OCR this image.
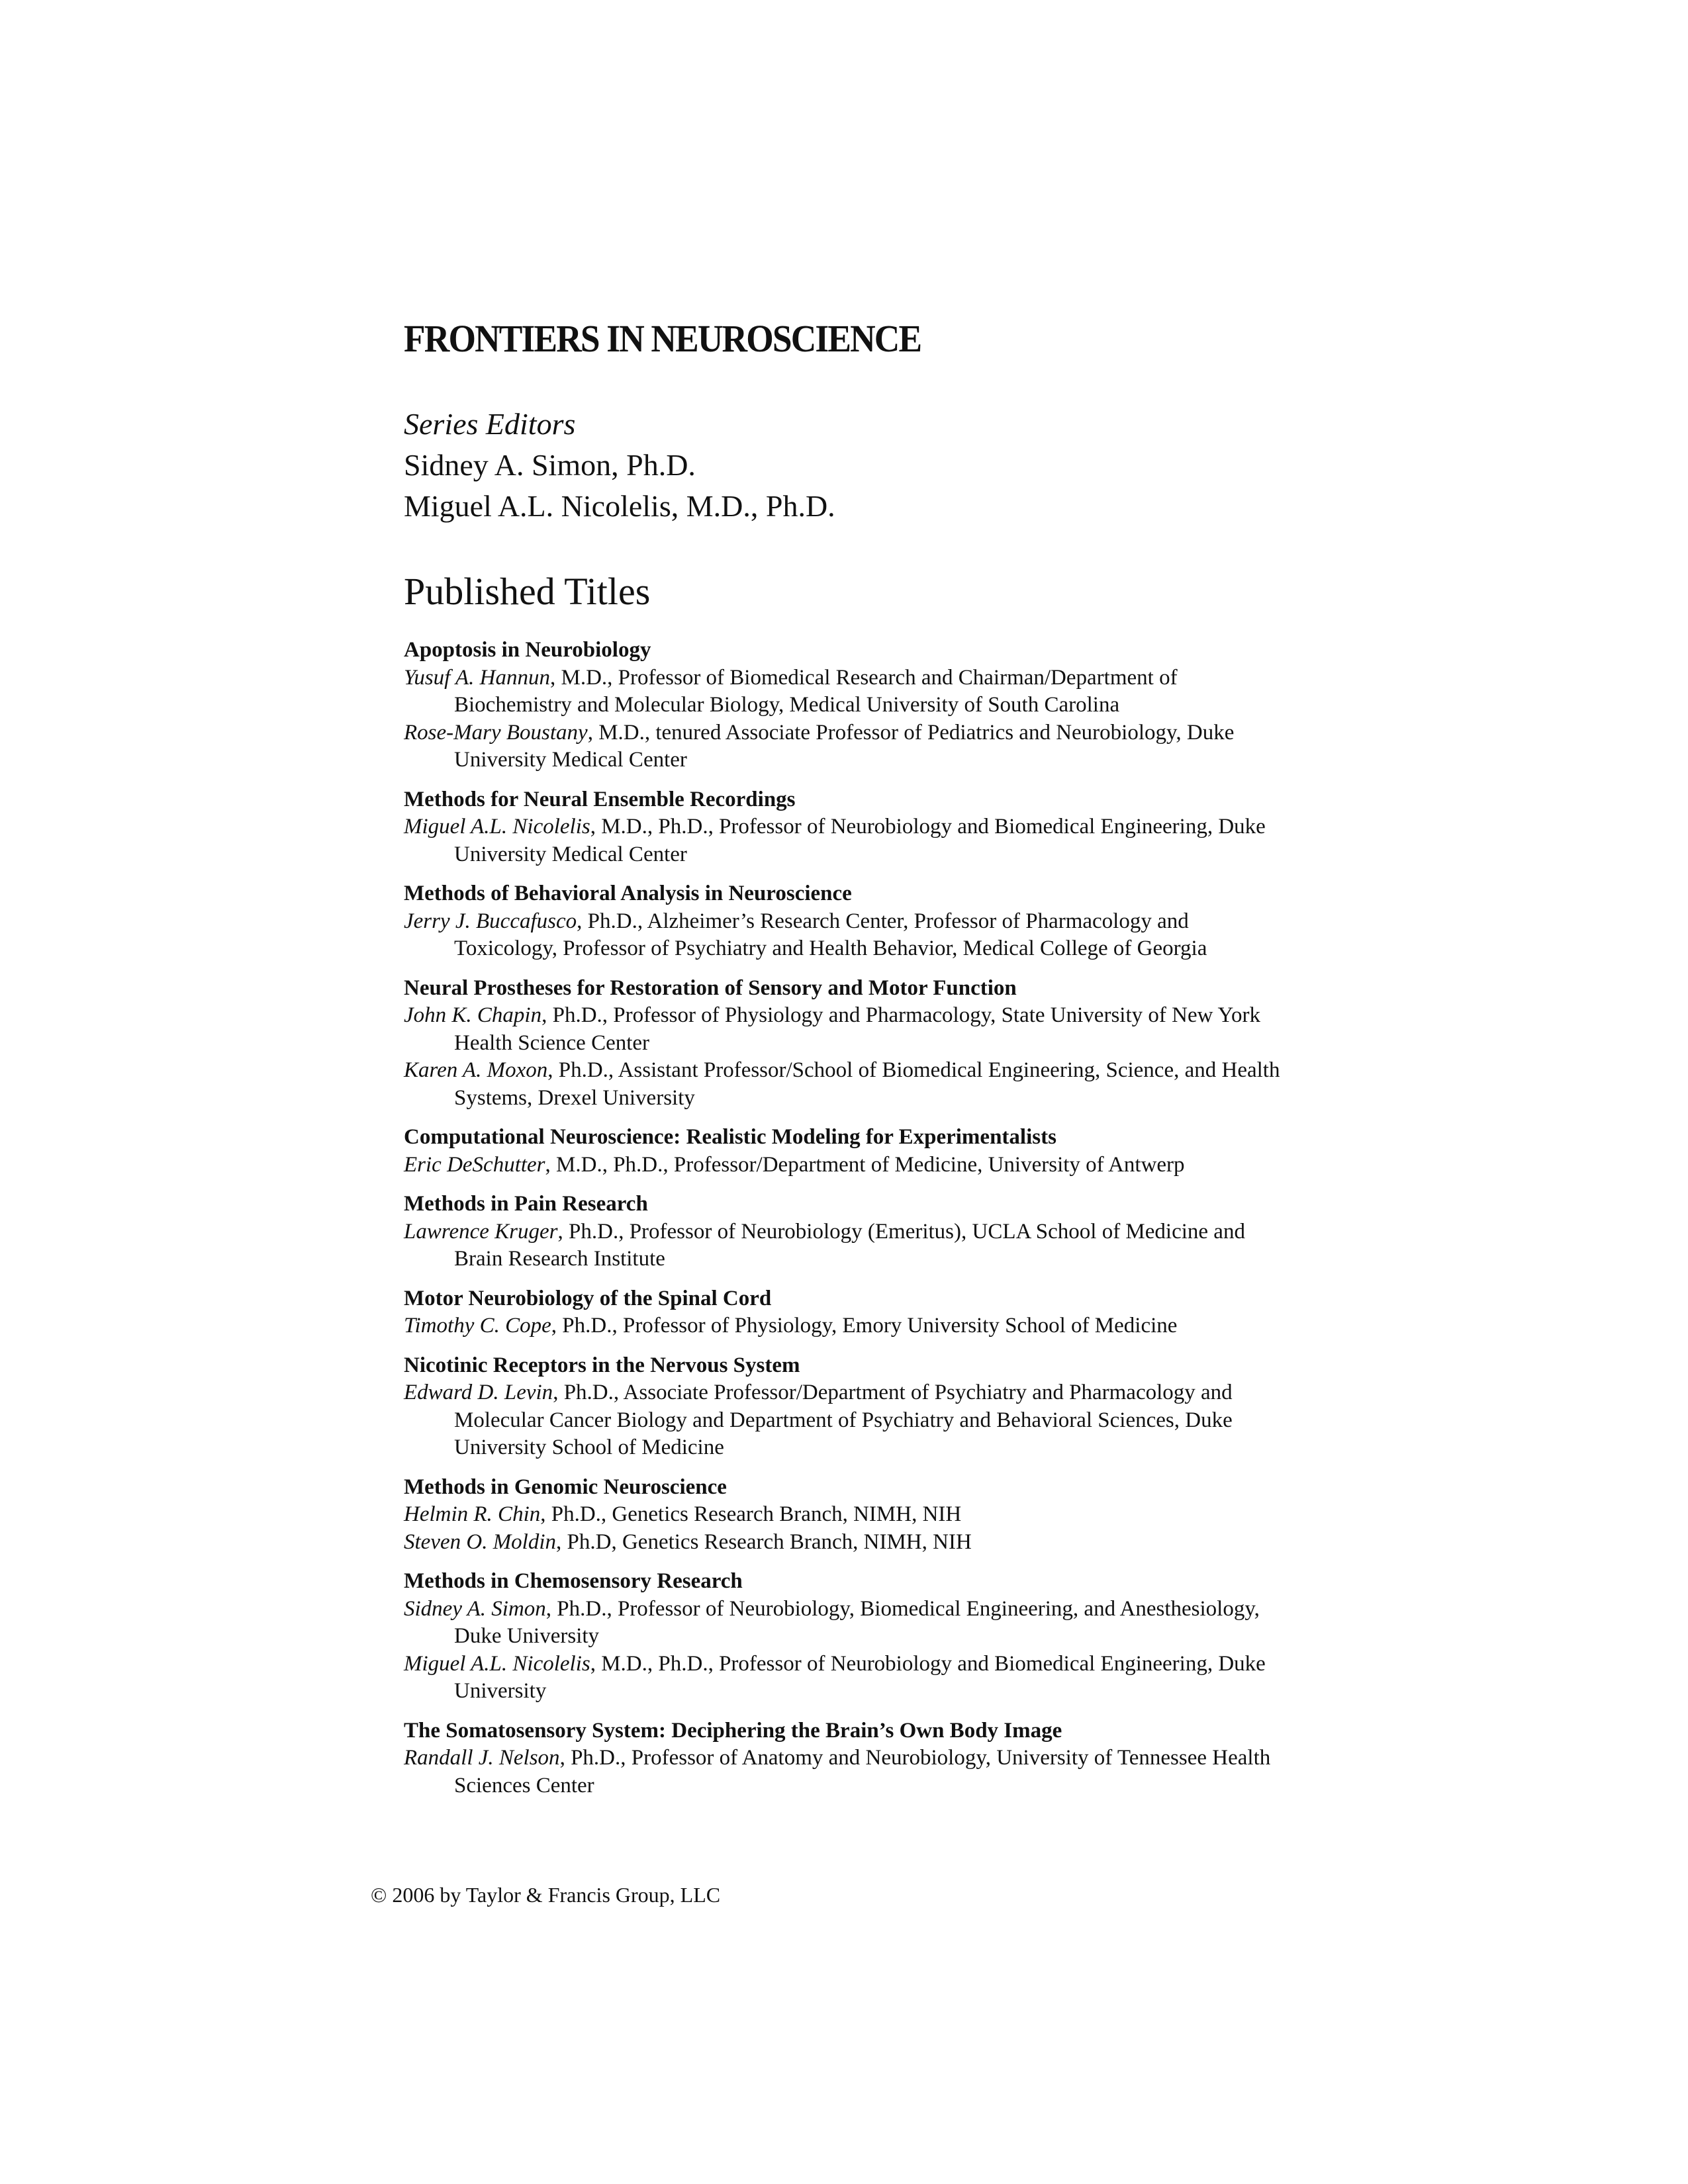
FRONTIERS IN NEUROSCIENCE
Series Editors
Sidney A. Simon, Ph.D.
Miguel A.L. Nicolelis, M.D., Ph.D.
Published Titles
Apoptosis in Neurobiology
Yusuf A. Hannun, M.D., Professor of Biomedical Research and Chairman/Department of Biochemistry and Molecular Biology, Medical University of South Carolina
Rose-Mary Boustany, M.D., tenured Associate Professor of Pediatrics and Neurobiology, Duke University Medical Center
Methods for Neural Ensemble Recordings
Miguel A.L. Nicolelis, M.D., Ph.D., Professor of Neurobiology and Biomedical Engineering, Duke University Medical Center
Methods of Behavioral Analysis in Neuroscience
Jerry J. Buccafusco, Ph.D., Alzheimer’s Research Center, Professor of Pharmacology and Toxicology, Professor of Psychiatry and Health Behavior, Medical College of Georgia
Neural Prostheses for Restoration of Sensory and Motor Function
John K. Chapin, Ph.D., Professor of Physiology and Pharmacology, State University of New York Health Science Center
Karen A. Moxon, Ph.D., Assistant Professor/School of Biomedical Engineering, Science, and Health Systems, Drexel University
Computational Neuroscience: Realistic Modeling for Experimentalists
Eric DeSchutter, M.D., Ph.D., Professor/Department of Medicine, University of Antwerp
Methods in Pain Research
Lawrence Kruger, Ph.D., Professor of Neurobiology (Emeritus), UCLA School of Medicine and Brain Research Institute
Motor Neurobiology of the Spinal Cord
Timothy C. Cope, Ph.D., Professor of Physiology, Emory University School of Medicine
Nicotinic Receptors in the Nervous System
Edward D. Levin, Ph.D., Associate Professor/Department of Psychiatry and Pharmacology and Molecular Cancer Biology and Department of Psychiatry and Behavioral Sciences, Duke University School of Medicine
Methods in Genomic Neuroscience
Helmin R. Chin, Ph.D., Genetics Research Branch, NIMH, NIH
Steven O. Moldin, Ph.D, Genetics Research Branch, NIMH, NIH
Methods in Chemosensory Research
Sidney A. Simon, Ph.D., Professor of Neurobiology, Biomedical Engineering, and Anesthesiology, Duke University
Miguel A.L. Nicolelis, M.D., Ph.D., Professor of Neurobiology and Biomedical Engineering, Duke University
The Somatosensory System: Deciphering the Brain’s Own Body Image
Randall J. Nelson, Ph.D., Professor of Anatomy and Neurobiology, University of Tennessee Health Sciences Center
© 2006 by Taylor & Francis Group, LLC
